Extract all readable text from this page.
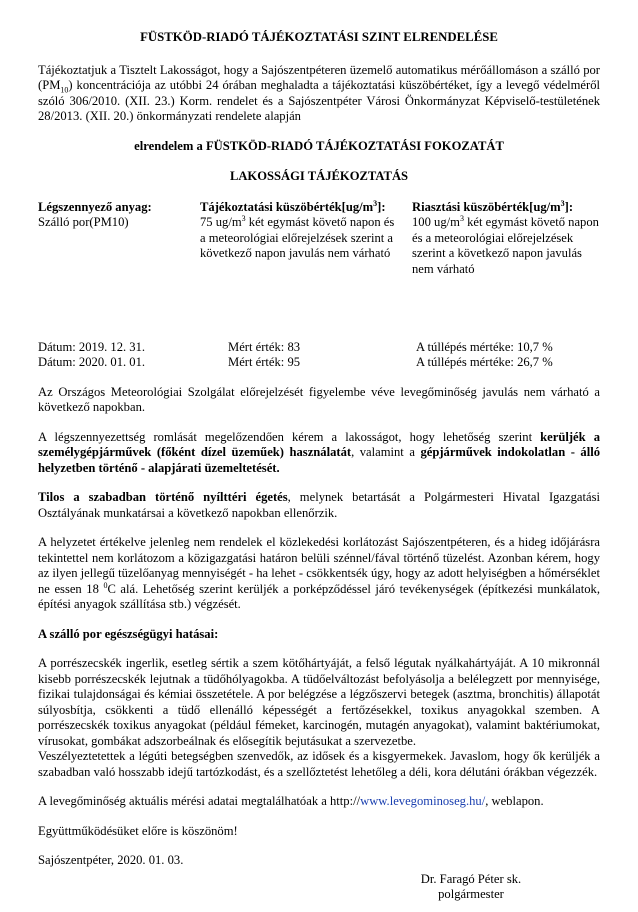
FÜSTKÖD-RIADÓ TÁJÉKOZTATÁSI SZINT ELRENDELÉSE

Tájékoztatjuk a Tisztelt Lakosságot, hogy a Sajószentpéteren üzemelő automatikus mérőállomáson a szálló por $(PM_{10})$ koncentrációja az utóbbi 24 órában meghaladta a tájékoztatási küszöbértéket, így a levegő védelméről szóló 306/2010. (XII. 23.) Korm. rendelet és a Sajószentpéter Városi Önkormányzat Képviselő-testületének 28/2013. (XII. 20.) önkormányzati rendelete alapján

elrendelem a FÜSTKÖD-RIADÓ TÁJÉKOZTATÁSI FOKOZATÁT

LAKOSSÁGI TÁJÉKOZTATÁS

Légszennyező anyag:
Szálló por(PM10)
Tájékoztatási $küszöbérték[ug/m^3]$:
75 $ug/m^3$ két egymást követő napon és a meteorológiai előrejelzések szerint a következő napon javulás nem várható
Riasztási $küszöbérték[ug/m^3]$:
100 $ug/m^3$ két egymást követő napon és a meteorológiai előrejelzések szerint a következő napon javulás nem várható
Dátum: 2019. 12. 31.	Mért érték: 83	A túllépés mértéke: 10,7 %
Dátum: 2020. 01. 01.	Mért érték: 95	A túllépés mértéke: 26,7 %

Az Országos Meteorológiai Szolgálat előrejelzését figyelembe véve levegőminőség javulás nem várható a következő napokban.

A légszennyezettség romlását megelőzendően kérem a lakosságot, hogy lehetőség szerint kerüljék a személygépjárművek (főként dízel üzeműek) használatát, valamint a gépjárművek indokolatlan - álló helyzetben történő - alapjárati üzemeltetését.

Tilos a szabadban történő nyílttéri égetés, melynek betartását a Polgármesteri Hivatal Igazgatási Osztályának munkatársai a következő napokban ellenőrzik.

A helyzetet értékelve jelenleg nem rendelek el közlekedési korlátozást Sajószentpéteren, és a hideg időjárásra tekintettel nem korlátozom a közigazgatási határon belüli szénnel/fával történő tüzelést. Azonban kérem, hogy az ilyen jellegű tüzelőanyag mennyiségét - ha lehet - csökkentsék úgy, hogy az adott helyiségben a hőmérséklet ne essen 18 $^0$C alá. Lehetőség szerint kerüljék a porképződéssel járó tevékenységek (építkezési munkálatok, építési anyagok szállítása stb.) végzését.

A szálló por egészségügyi hatásai:

A porrészecskék ingerlik, esetleg sértik a szem kötőhártyáját, a felső légutak nyálkahártyáját. A 10 mikronnál kisebb porrészecskék lejutnak a tüdőhólyagokba. A tüdőelváltozást befolyásolja a belélegzett por mennyisége, fizikai tulajdonságai és kémiai összetétele. A por belégzése a légzőszervi betegek (asztma, bronchitis) állapotát súlyosbítja, csökkenti a tüdő ellenálló képességét a fertőzésekkel, toxikus anyagokkal szemben. A porrészecskék toxikus anyagokat (például fémeket, karcinogén, mutagén anyagokat), valamint baktériumokat, vírusokat, gombákat adszorbeálnak és elősegítik bejutásukat a szervezetbe.

Veszélyeztetettek a légúti betegségben szenvedők, az idősek és a kisgyermekek. Javaslom, hogy ők kerüljék a szabadban való hosszabb idejű tartózkodást, és a szellőztetést lehetőleg a déli, kora délutáni órákban végezzék.

A levegőminőség aktuális mérési adatai megtalálhatóak a http://www.levegominoseg.hu/, weblapon.

Együttműködésüket előre is köszönöm!

Sajószentpéter, 2020. 01. 03.

Dr. Faragó Péter sk.
polgármester
